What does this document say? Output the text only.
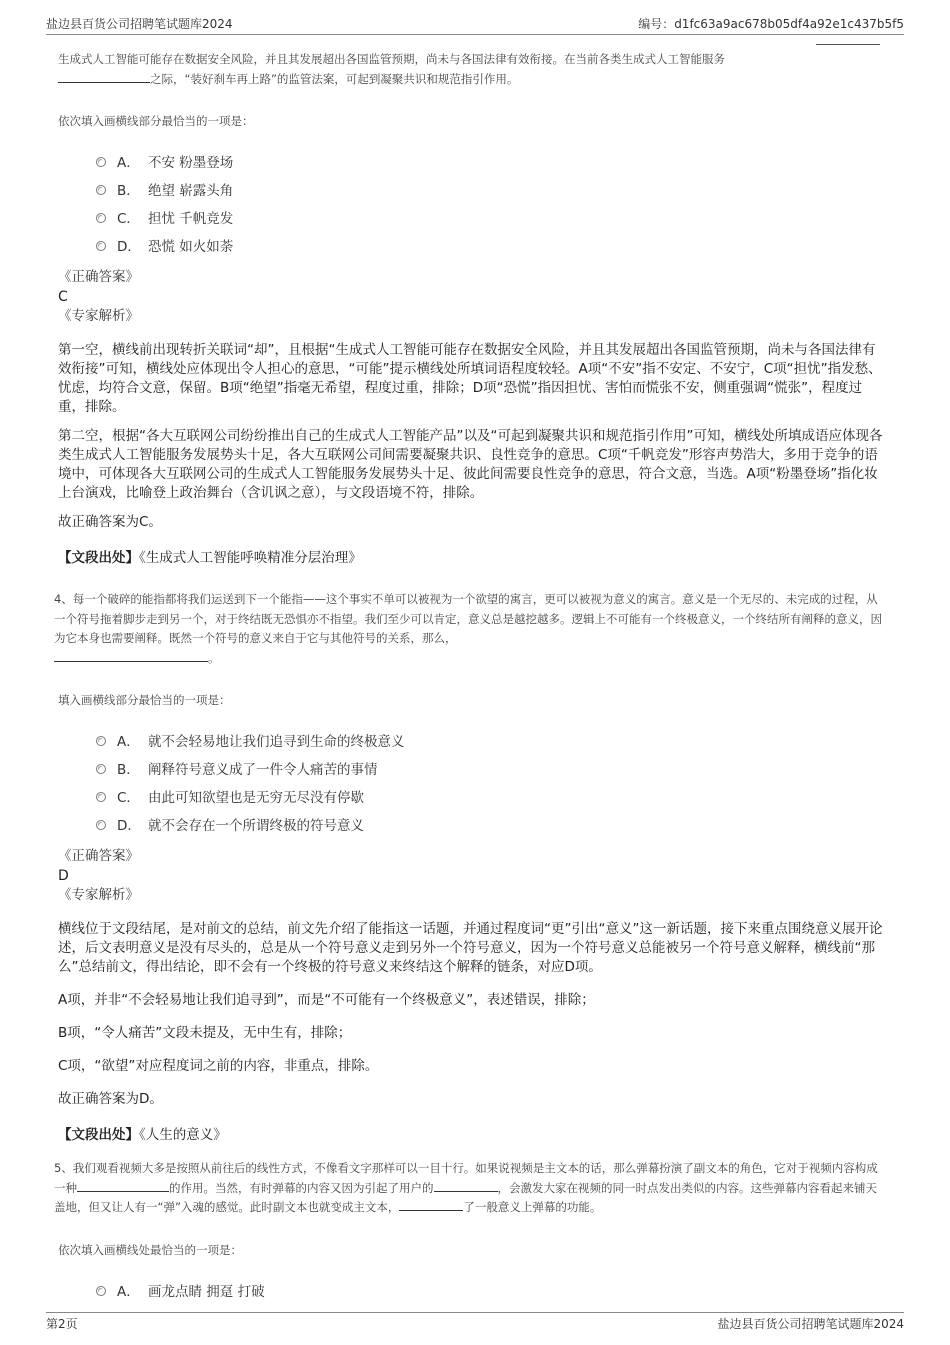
盐边县百货公司招聘笔试题库2024	编号：d1fc63a9ac678b05df4a92e1c437b5f5

生成式人工智能可能存在数据安全风险，并且其发展超出各国监管预期，尚未与各国法律有效衔接。在当前各类生成式人工智能服务
之际，“装好刹车再上路”的监管法案，可起到凝聚共识和规范指引作用。

依次填入画横线部分最恰当的一项是：

A． 不安 粉墨登场
B． 绝望 崭露头角
C． 担忧 千帆竞发
D． 恐慌 如火如荼
《正确答案》
C
《专家解析》

第一空，横线前出现转折关联词“却”，且根据“生成式人工智能可能存在数据安全风险，并且其发展超出各国监管预期，尚未与各国法律有效衔接”可知，横线处应体现出令人担心的意思，“可能”提示横线处所填词语程度较轻。A项“不安”指不安定、不安宁，C项“担忧”指发愁、忧虑，均符合文意，保留。B项“绝望”指毫无希望，程度过重，排除；D项“恐慌”指因担忧、害怕而慌张不安，侧重强调“慌张”，程度过重，排除。

第二空，根据“各大互联网公司纷纷推出自己的生成式人工智能产品”以及“可起到凝聚共识和规范指引作用”可知，横线处所填成语应体现各类生成式人工智能服务发展势头十足，各大互联网公司间需要凝聚共识、良性竞争的意思。C项“千帆竞发”形容声势浩大，多用于竞争的语境中，可体现各大互联网公司的生成式人工智能服务发展势头十足、彼此间需要良性竞争的意思，符合文意，当选。A项“粉墨登场”指化妆上台演戏，比喻登上政治舞台（含讥讽之意），与文段语境不符，排除。

故正确答案为C。

【文段出处】《生成式人工智能呼唤精准分层治理》

4、每一个破碎的能指都将我们运送到下一个能指——这个事实不单可以被视为一个欲望的寓言，更可以被视为意义的寓言。意义是一个无尽的、未完成的过程，从一个符号拖着脚步走到另一个，对于终结既无恐惧亦不指望。我们至少可以肯定，意义总是越挖越多。逻辑上不可能有一个终极意义，一个终结所有阐释的意义，因为它本身也需要阐释。既然一个符号的意义来自于它与其他符号的关系，那么，
。

填入画横线部分最恰当的一项是：

A． 就不会轻易地让我们追寻到生命的终极意义
B． 阐释符号意义成了一件令人痛苦的事情
C． 由此可知欲望也是无穷无尽没有停歇
D． 就不会存在一个所谓终极的符号意义
《正确答案》
D
《专家解析》

横线位于文段结尾，是对前文的总结，前文先介绍了能指这一话题，并通过程度词“更”引出“意义”这一新话题，接下来重点围绕意义展开论述，后文表明意义是没有尽头的，总是从一个符号意义走到另外一个符号意义，因为一个符号意义总能被另一个符号意义解释，横线前“那么”总结前文，得出结论，即不会有一个终极的符号意义来终结这个解释的链条，对应D项。

A项，并非“不会轻易地让我们追寻到”，而是“不可能有一个终极意义”，表述错误，排除；

B项，“令人痛苦”文段未提及，无中生有，排除；

C项，“欲望”对应程度词之前的内容，非重点，排除。

故正确答案为D。

【文段出处】《人生的意义》

5、我们观看视频大多是按照从前往后的线性方式，不像看文字那样可以一目十行。如果说视频是主文本的话，那么弹幕扮演了副文本的角色，它对于视频内容构成一种	的作用。当然，有时弹幕的内容又因为引起了用户的	，会激发大家在视频的同一时点发出类似的内容。这些弹幕内容看起来铺天盖地，但又让人有一“弹”入魂的感觉。此时副文本也就变成主文本，	了一般意义上弹幕的功能。

依次填入画横线处最恰当的一项是：

A． 画龙点睛 拥趸 打破
第2页	盐边县百货公司招聘笔试题库2024
